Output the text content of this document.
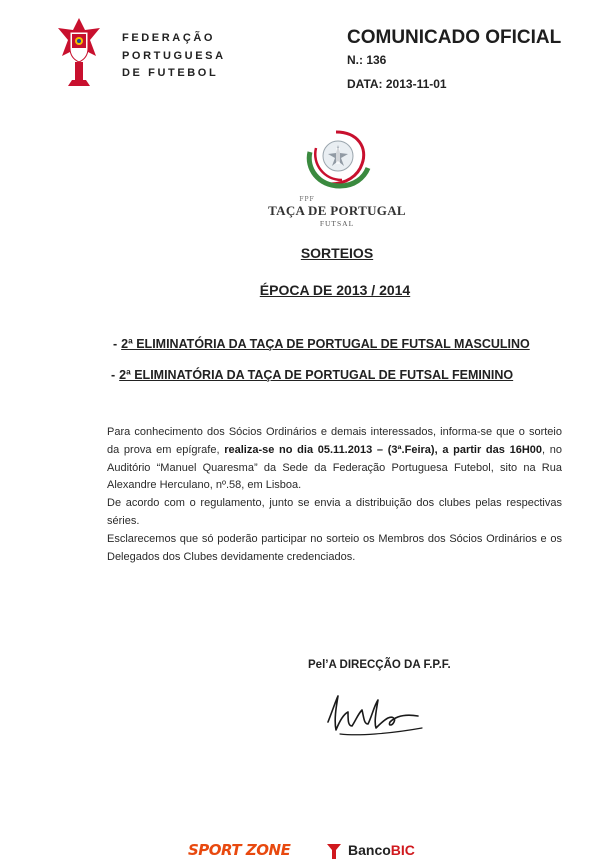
FEDERAÇÃO
PORTUGUESA
DE FUTEBOL
COMUNICADO OFICIAL
N.: 136
DATA: 2013-11-01
FPF
TAÇA DE PORTUGAL
FUTSAL
SORTEIOS
ÉPOCA DE 2013 / 2014
- 2ª ELIMINATÓRIA DA TAÇA DE PORTUGAL DE FUTSAL MASCULINO
- 2ª ELIMINATÓRIA DA TAÇA DE PORTUGAL DE FUTSAL FEMININO

Para conhecimento dos Sócios Ordinários e demais interessados, informa-se que o sorteio da prova em epígrafe, realiza-se no dia 05.11.2013 – (3ª.Feira), a partir das 16H00, no Auditório “Manuel Quaresma” da Sede da Federação Portuguesa Futebol, sito na Rua Alexandre Herculano, nº.58, em Lisboa.

De acordo com o regulamento, junto se envia a distribuição dos clubes pelas respectivas séries.

Esclarecemos que só poderão participar no sorteio os Membros dos Sócios Ordinários e os Delegados dos Clubes devidamente credenciados.

Pel’A DIRECÇÃO DA F.P.F.
SPORT ZONE	BancoBIC
